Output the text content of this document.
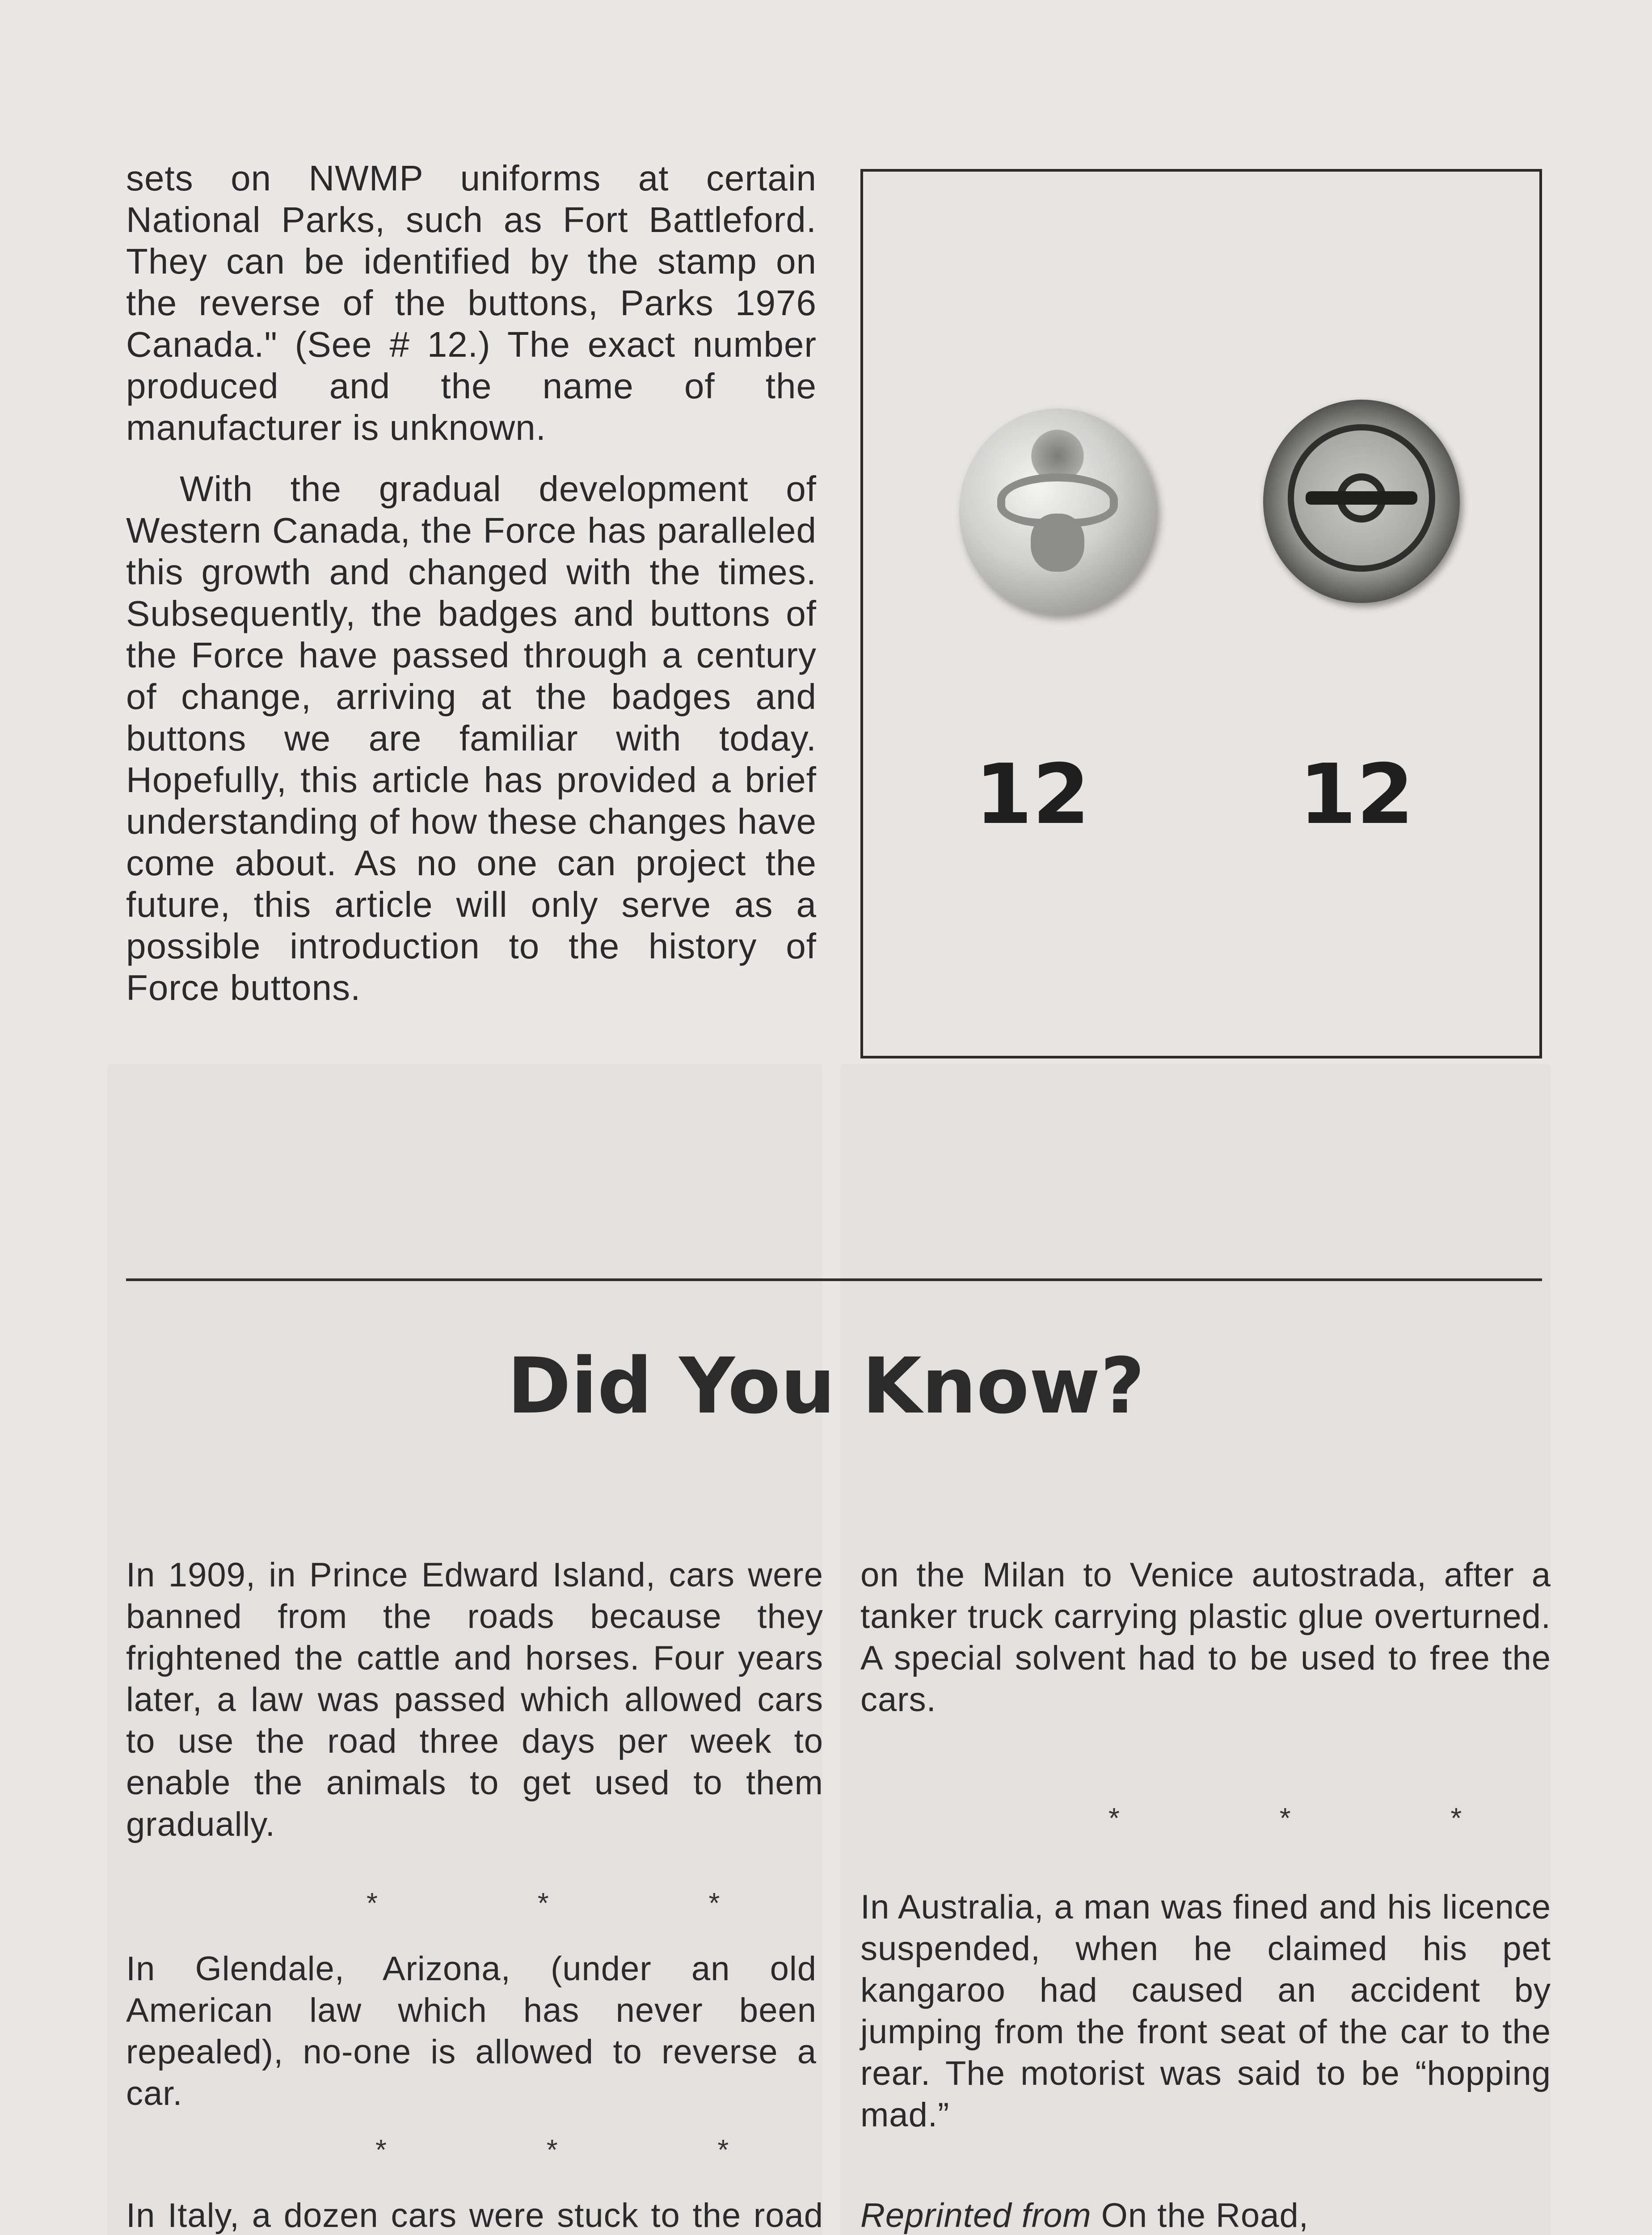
sets on NWMP uniforms at certain National Parks, such as Fort Battleford. They can be identified by the stamp on the reverse of the buttons, Parks 1976 Canada." (See # 12.) The exact number produced and the name of the manufacturer is unknown.

With the gradual development of Western Canada, the Force has paralleled this growth and changed with the times. Subsequently, the badges and buttons of the Force have passed through a century of change, arriving at the badges and buttons we are familiar with today. Hopefully, this article has provided a brief understanding of how these changes have come about. As no one can project the future, this article will only serve as a possible introduction to the history of Force buttons.

12	12
Did You Know?
In 1909, in Prince Edward Island, cars were banned from the roads because they frightened the cattle and horses. Four years later, a law was passed which allowed cars to use the road three days per week to enable the animals to get used to them gradually.
* * *
In Glendale, Arizona, (under an old American law which has never been repealed), no-one is allowed to reverse a car.
* * *
In Italy, a dozen cars were stuck to the road
on the Milan to Venice autostrada, after a tanker truck carrying plastic glue overturned. A special solvent had to be used to free the cars.
* * *
In Australia, a man was fined and his licence suspended, when he claimed his pet kangaroo had caused an accident by jumping from the front seat of the car to the rear. The motorist was said to be “hopping mad.”
Reprinted from On the Road,
